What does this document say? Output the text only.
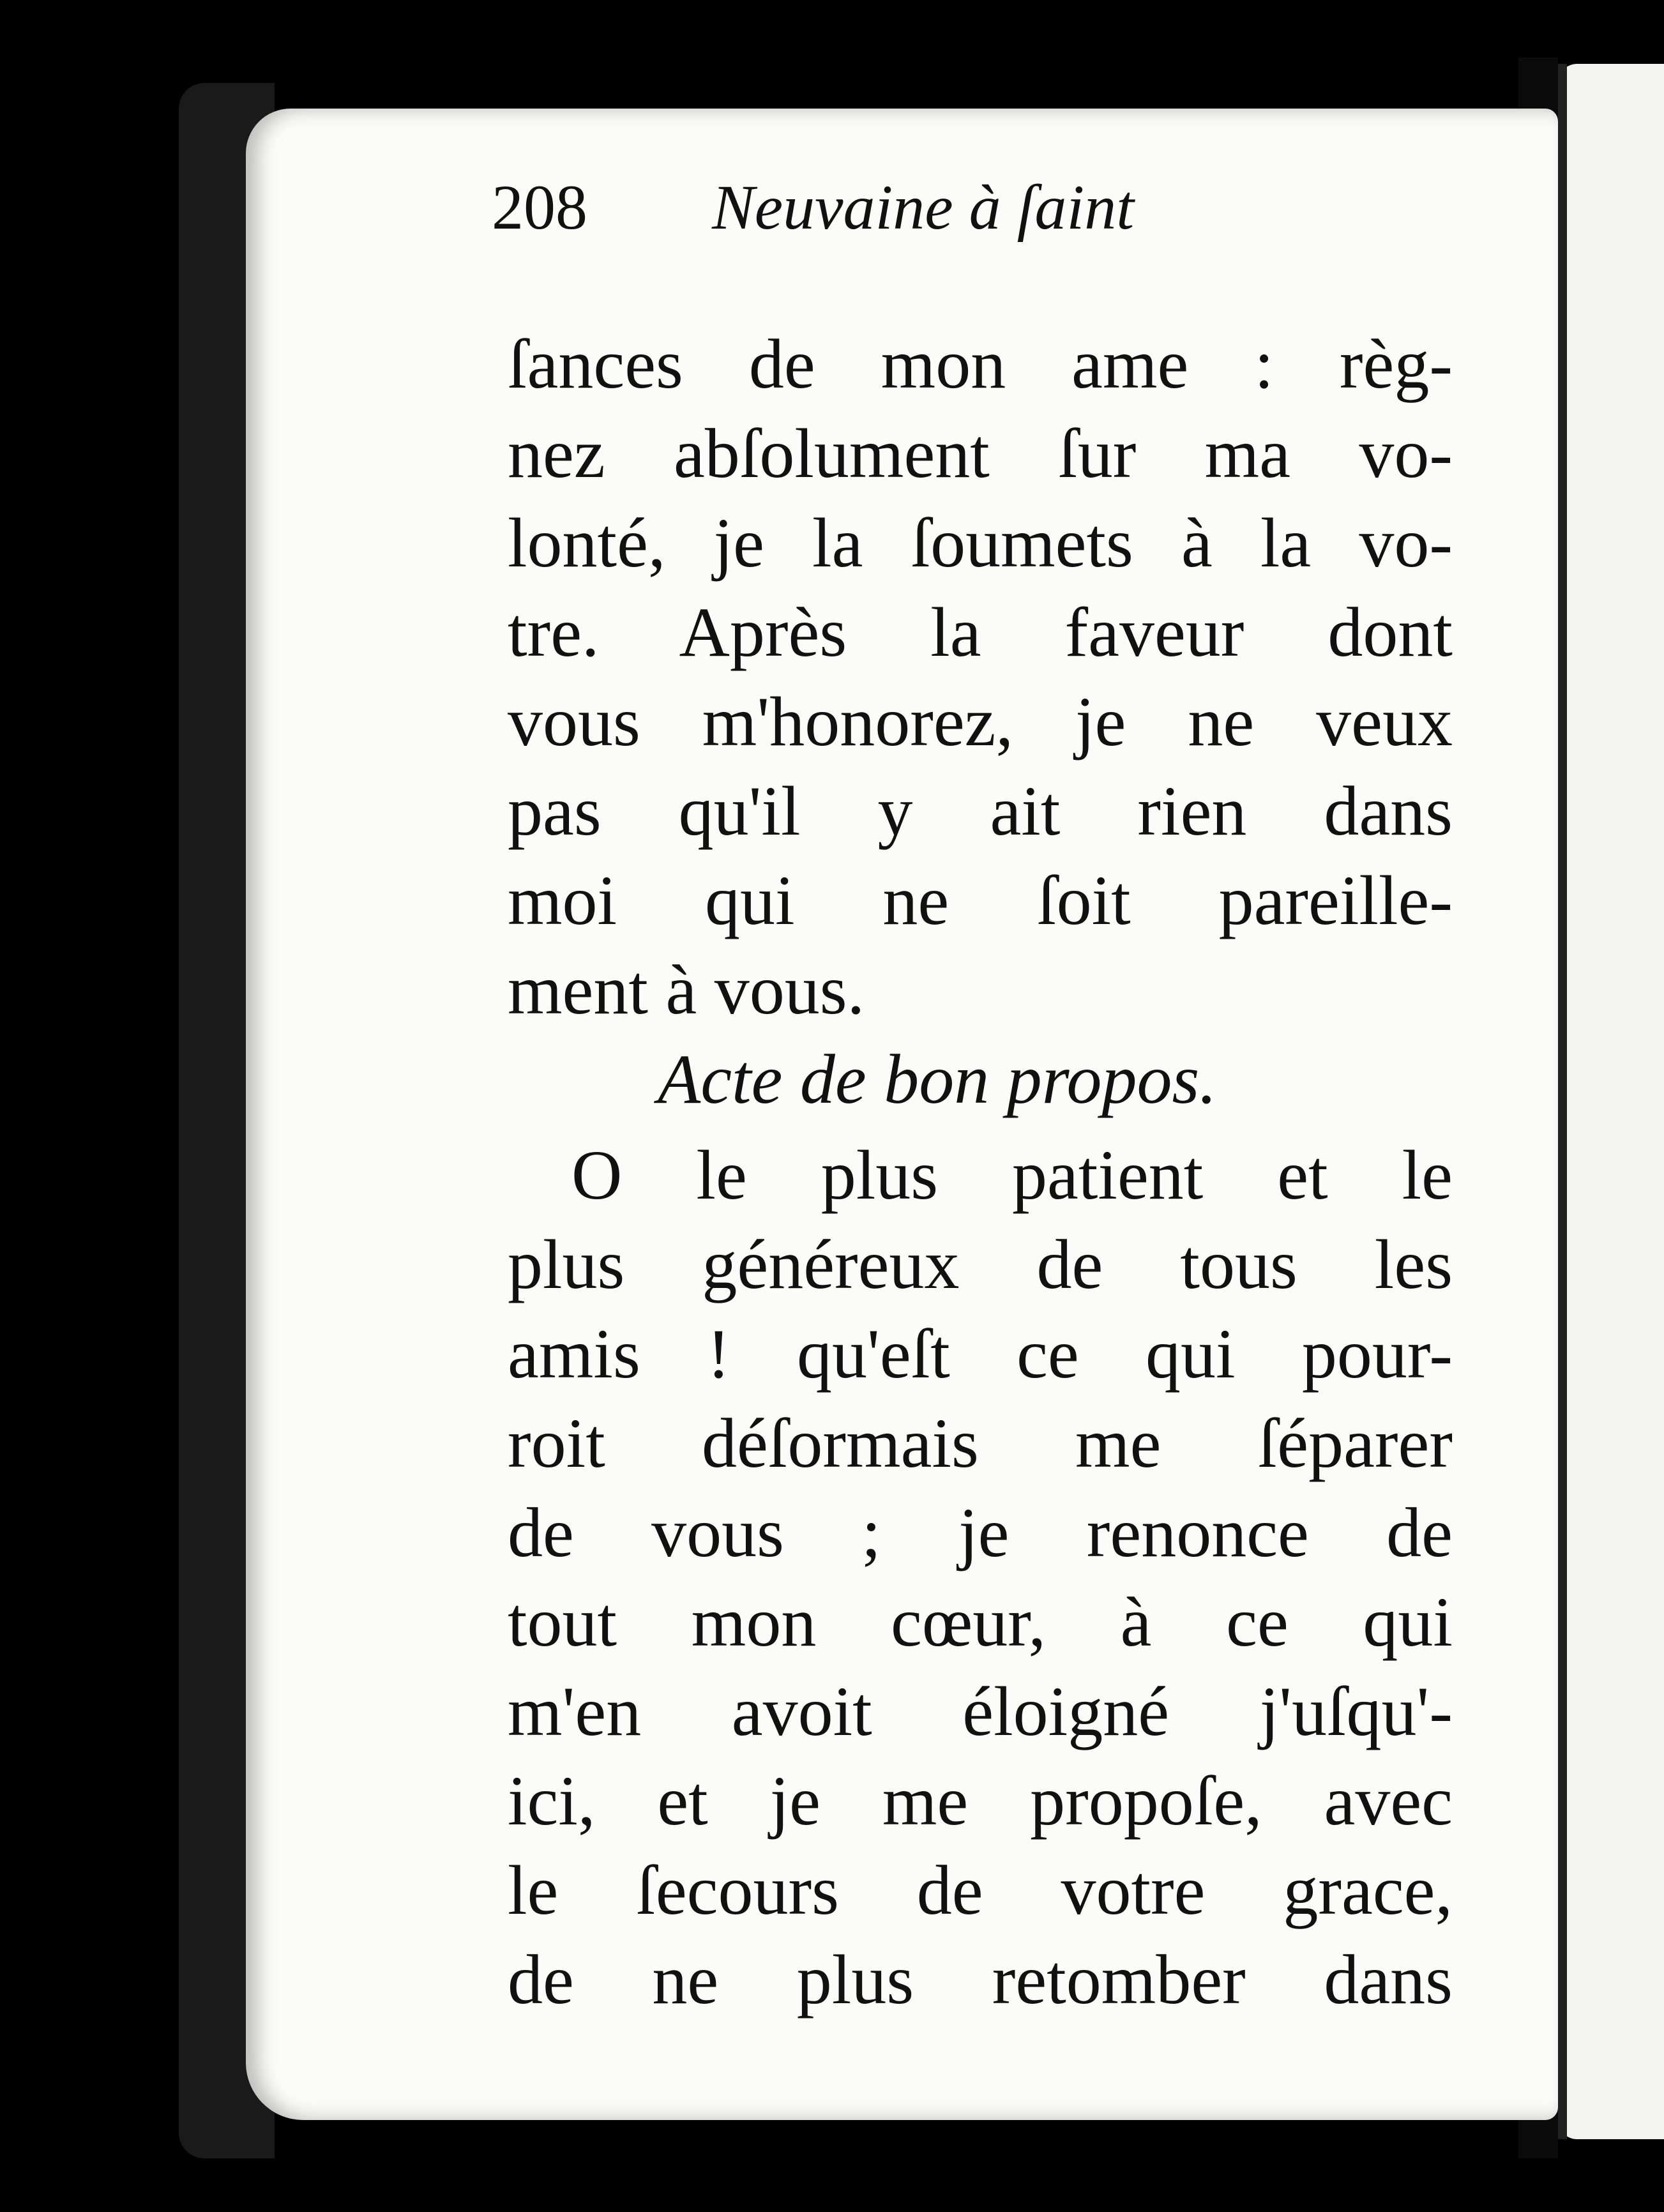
208 Neuvaine à ſaint
ſances de mon ame : règ-
nez abſolument ſur ma vo-
lonté, je la ſoumets à la vo-
tre. Après la faveur dont
vous m'honorez, je ne veux
pas qu'il y ait rien dans
moi qui ne ſoit pareille-
ment à vous.
Acte de bon propos.
O le plus patient et le
plus généreux de tous les
amis ! qu'eſt ce qui pour-
roit déſormais me ſéparer
de vous ; je renonce de
tout mon cœur, à ce qui
m'en avoit éloigné j'uſqu'-
ici, et je me propoſe, avec
le ſecours de votre grace,
de ne plus retomber dans
